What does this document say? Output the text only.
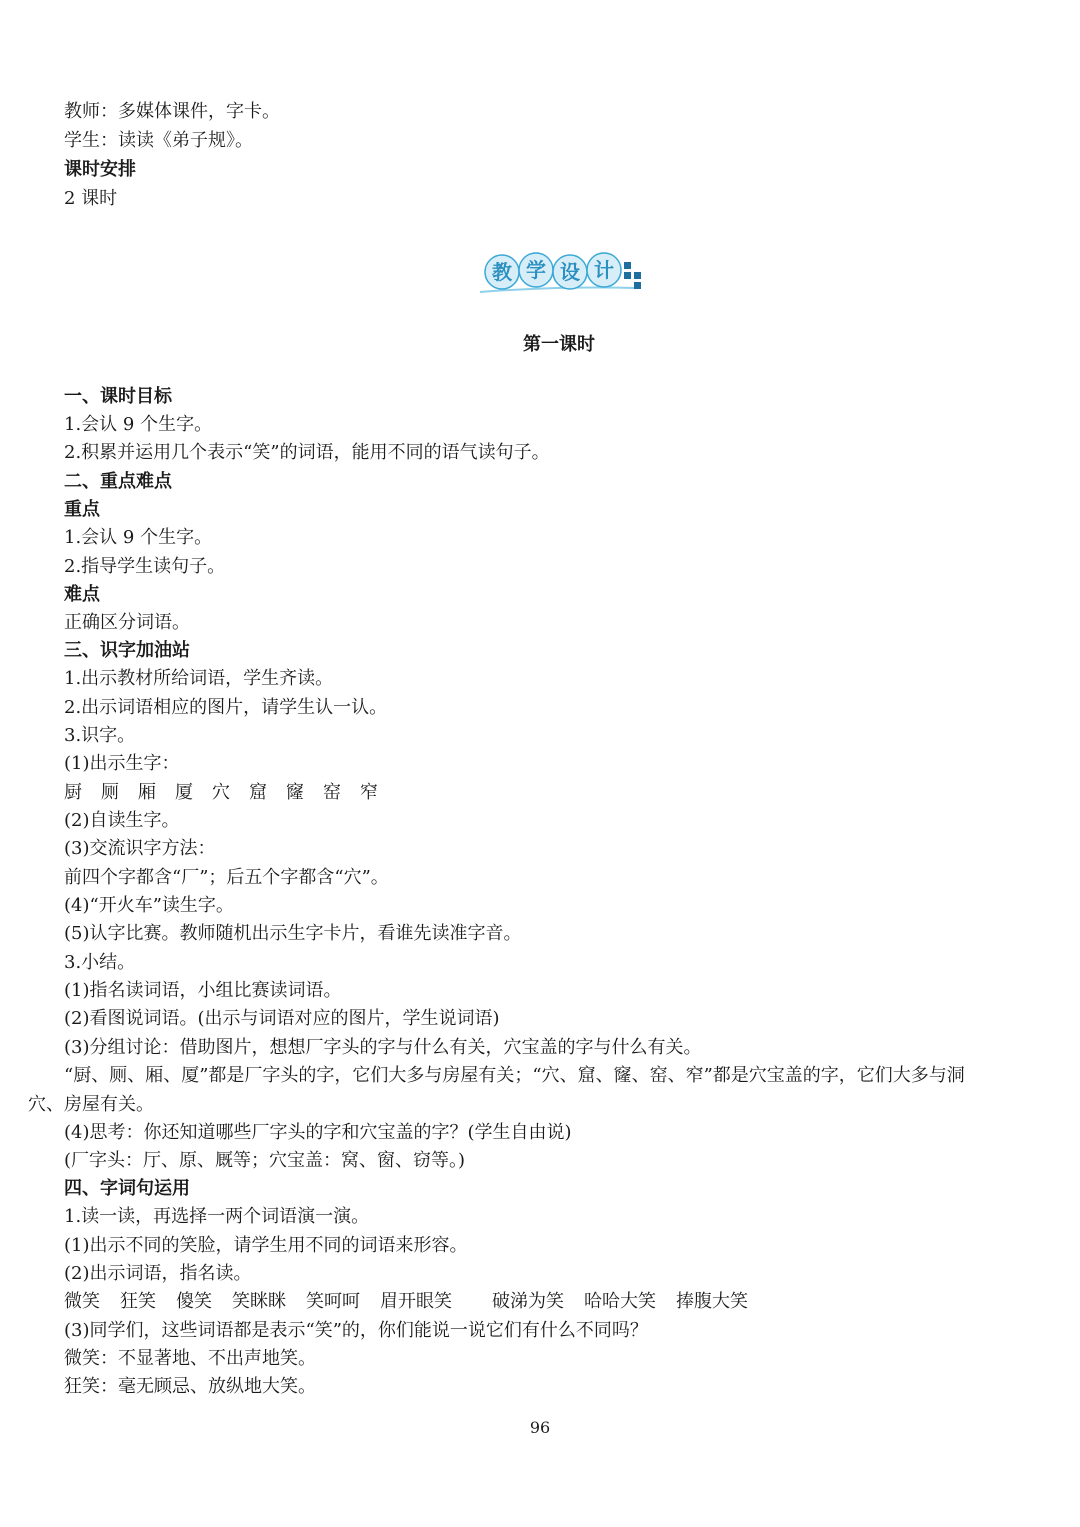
教师：多媒体课件，字卡。
学生：读读《弟子规》。
课时安排
2 课时
教 学 设 计
第一课时
一、课时目标
1.会认 9 个生字。
2.积累并运用几个表示“笑”的词语，能用不同的语气读句子。
二、重点难点
重点
1.会认 9 个生字。
2.指导学生读句子。
难点
正确区分词语。
三、识字加油站
1.出示教材所给词语，学生齐读。
2.出示词语相应的图片，请学生认一认。
3.识字。
(1)出示生字：
厨 厕 厢 厦 穴 窟 窿 窑 窄
(2)自读生字。
(3)交流识字方法：
前四个字都含“厂”；后五个字都含“穴”。
(4)“开火车”读生字。
(5)认字比赛。教师随机出示生字卡片，看谁先读准字音。
3.小结。
(1)指名读词语，小组比赛读词语。
(2)看图说词语。(出示与词语对应的图片，学生说词语)
(3)分组讨论：借助图片，想想厂字头的字与什么有关，穴宝盖的字与什么有关。
“厨、厕、厢、厦”都是厂字头的字，它们大多与房屋有关；“穴、窟、窿、窑、窄”都是穴宝盖的字，它们大多与洞
穴、房屋有关。
(4)思考：你还知道哪些厂字头的字和穴宝盖的字？(学生自由说)
(厂字头：厅、原、厩等；穴宝盖：窝、窗、窃等。)
四、字词句运用
1.读一读，再选择一两个词语演一演。
(1)出示不同的笑脸，请学生用不同的词语来形容。
(2)出示词语，指名读。
微笑 狂笑 傻笑 笑眯眯 笑呵呵 眉开眼笑 破涕为笑 哈哈大笑 捧腹大笑
(3)同学们，这些词语都是表示“笑”的，你们能说一说它们有什么不同吗？
微笑：不显著地、不出声地笑。
狂笑：毫无顾忌、放纵地大笑。
96
